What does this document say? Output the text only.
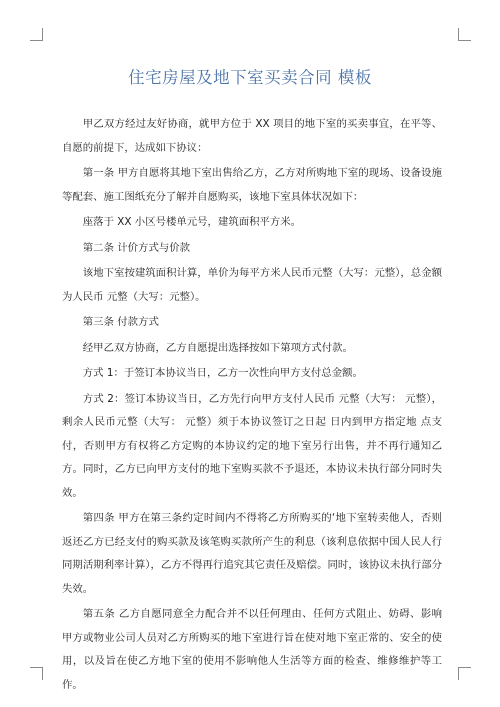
住宅房屋及地下室买卖合同 模板

甲乙双方经过友好协商，就甲方位于 XX 项目的地下室的买卖事宜，在平等、自愿的前提下，达成如下协议：

第一条 甲方自愿将其地下室出售给乙方，乙方对所购地下室的现场、设备设施等配套、施工图纸充分了解并自愿购买，该地下室具体状况如下：

座落于 XX 小区号楼单元号，建筑面积平方米。

第二条 计价方式与价款

该地下室按建筑面积计算，单价为每平方米人民币元整（大写：元整），总金额为人民币 元整（大写：元整）。

第三条 付款方式

经甲乙双方协商，乙方自愿提出选择按如下第项方式付款。

方式 1：于签订本协议当日，乙方一次性向甲方支付总金额。

方式 2：签订本协议当日，乙方先行向甲方支付人民币 元整（大写： 元整），剩余人民币元整（大写： 元整）须于本协议签订之日起 日内到甲方指定地 点支付，否则甲方有权将乙方定购的本协议约定的地下室另行出售，并不再行通知乙方。同时，乙方已向甲方支付的地下室购买款不予退还，本协议未执行部分同时失效。

第四条 甲方在第三条约定时间内不得将乙方所购买的‘地下室转卖他人，否则 返还乙方已经支付的购买款及该笔购买款所产生的利息（该利息依据中国人民人行同期活期利率计算），乙方不得再行追究其它责任及赔偿。同时，该协议未执行部分失效。

第五条 乙方自愿同意全力配合并不以任何理由、任何方式阻止、妨碍、影响 甲方或物业公司人员对乙方所购买的地下室进行旨在使对地下室正常的、安全的使用，以及旨在使乙方地下室的使用不影响他人生活等方面的检查、维修维护等工作。
